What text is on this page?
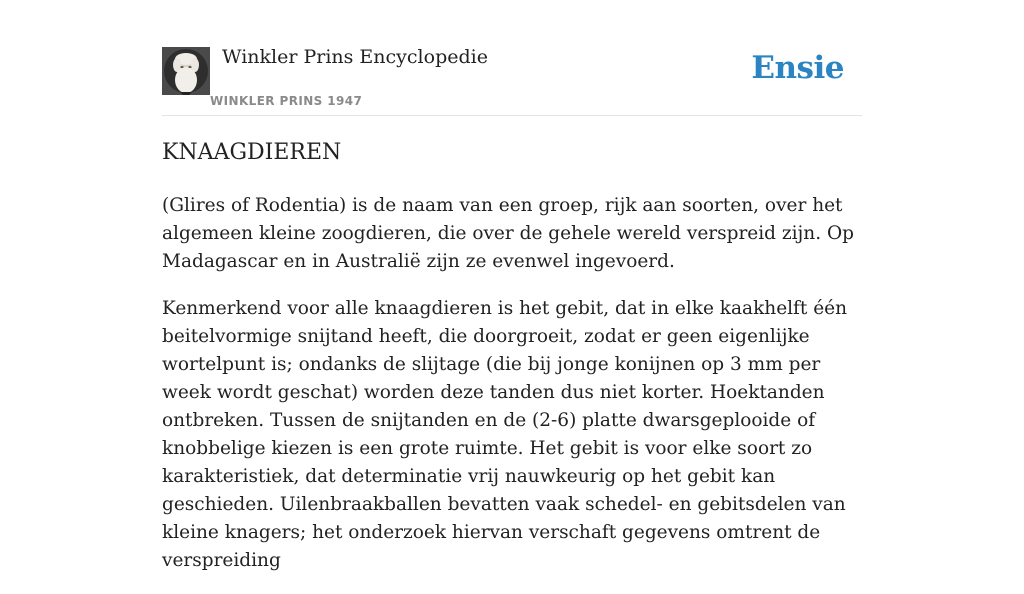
Winkler Prins Encyclopedie
WINKLER PRINS 1947
Ensie
KNAAGDIEREN

(Glires of Rodentia) is de naam van een groep, rijk aan soorten, over het algemeen kleine zoogdieren, die over de gehele wereld verspreid zijn. Op Madagascar en in Australië zijn ze evenwel ingevoerd.

Kenmerkend voor alle knaagdieren is het gebit, dat in elke kaakhelft één beitelvormige snijtand heeft, die doorgroeit, zodat er geen eigenlijke wortelpunt is; ondanks de slijtage (die bij jonge konijnen op 3 mm per week wordt geschat) worden deze tanden dus niet korter. Hoektanden ontbreken. Tussen de snijtanden en de (2-6) platte dwarsgeplooide of knobbelige kiezen is een grote ruimte. Het gebit is voor elke soort zo karakteristiek, dat determinatie vrij nauwkeurig op het gebit kan geschieden. Uilenbraakballen bevatten vaak schedel- en gebitsdelen van kleine knagers; het onderzoek hiervan verschaft gegevens omtrent de verspreiding
